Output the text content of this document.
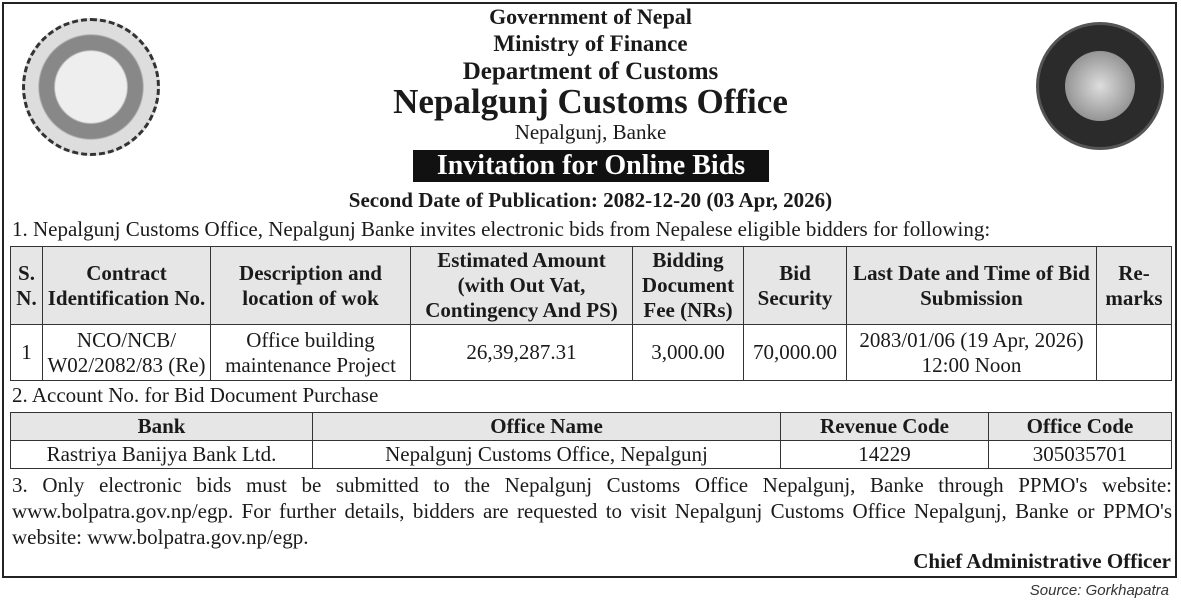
Government of Nepal
Ministry of Finance
Department of Customs
Nepalgunj Customs Office
Nepalgunj, Banke
Invitation for Online Bids
Second Date of Publication: 2082-12-20 (03 Apr, 2026)
1. Nepalgunj Customs Office, Nepalgunj Banke invites electronic bids from Nepalese eligible bidders for following:
S. N.	Contract Identification No.	Description and location of wok	Estimated Amount (with Out Vat, Contingency And PS)	Bidding Document Fee (NRs)	Bid Security	Last Date and Time of Bid Submission	Re-marks
1	NCO/NCB/ W02/2082/83 (Re)	Office building maintenance Project	26,39,287.31	3,000.00	70,000.00	2083/01/06 (19 Apr, 2026) 12:00 Noon	
2. Account No. for Bid Document Purchase
Bank	Office Name	Revenue Code	Office Code
Rastriya Banijya Bank Ltd.	Nepalgunj Customs Office, Nepalgunj	14229	305035701
3. Only electronic bids must be submitted to the Nepalgunj Customs Office Nepalgunj, Banke through PPMO's website: www.bolpatra.gov.np/egp. For further details, bidders are requested to visit Nepalgunj Customs Office Nepalgunj, Banke or PPMO's website: www.bolpatra.gov.np/egp.
Chief Administrative Officer
Source: Gorkhapatra
